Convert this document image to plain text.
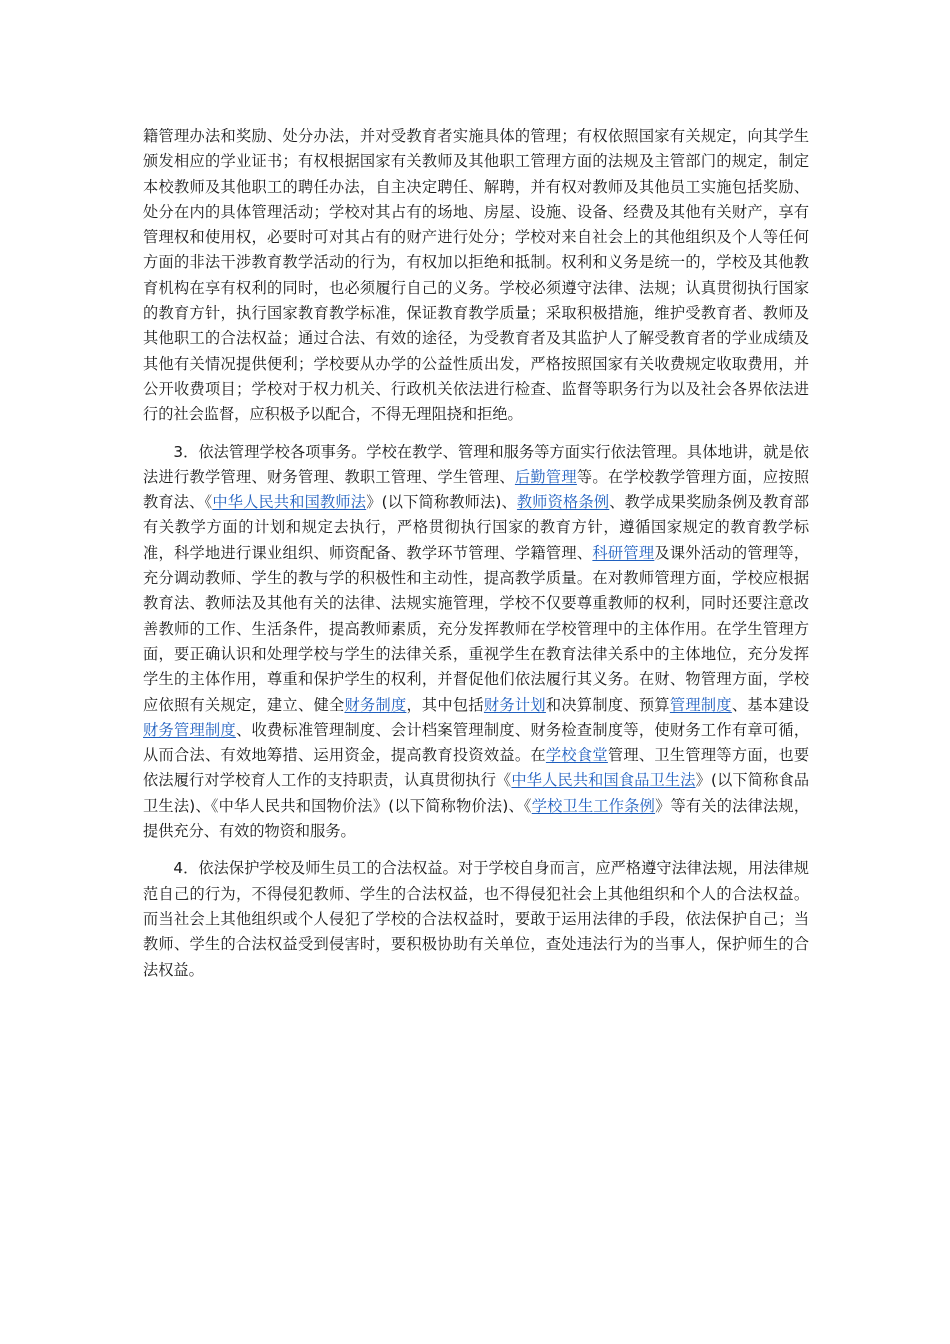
籍管理办法和奖励、处分办法，并对受教育者实施具体的管理；有权依照国家有关规定，向其学生颁发相应的学业证书；有权根据国家有关教师及其他职工管理方面的法规及主管部门的规定，制定本校教师及其他职工的聘任办法，自主决定聘任、解聘，并有权对教师及其他员工实施包括奖励、处分在内的具体管理活动；学校对其占有的场地、房屋、设施、设备、经费及其他有关财产，享有管理权和使用权，必要时可对其占有的财产进行处分；学校对来自社会上的其他组织及个人等任何方面的非法干涉教育教学活动的行为，有权加以拒绝和抵制。权利和义务是统一的，学校及其他教育机构在享有权利的同时，也必须履行自己的义务。学校必须遵守法律、法规；认真贯彻执行国家的教育方针，执行国家教育教学标准，保证教育教学质量；采取积极措施，维护受教育者、教师及其他职工的合法权益；通过合法、有效的途径，为受教育者及其监护人了解受教育者的学业成绩及其他有关情况提供便利；学校要从办学的公益性质出发，严格按照国家有关收费规定收取费用，并公开收费项目；学校对于权力机关、行政机关依法进行检查、监督等职务行为以及社会各界依法进行的社会监督，应积极予以配合，不得无理阻挠和拒绝。

3．依法管理学校各项事务。学校在教学、管理和服务等方面实行依法管理。具体地讲，就是依法进行教学管理、财务管理、教职工管理、学生管理、后勤管理等。在学校教学管理方面，应按照教育法、《中华人民共和国教师法》(以下简称教师法)、教师资格条例、教学成果奖励条例及教育部有关教学方面的计划和规定去执行，严格贯彻执行国家的教育方针，遵循国家规定的教育教学标准，科学地进行课业组织、师资配备、教学环节管理、学籍管理、科研管理及课外活动的管理等，充分调动教师、学生的教与学的积极性和主动性，提高教学质量。在对教师管理方面，学校应根据教育法、教师法及其他有关的法律、法规实施管理，学校不仅要尊重教师的权利，同时还要注意改善教师的工作、生活条件，提高教师素质，充分发挥教师在学校管理中的主体作用。在学生管理方面，要正确认识和处理学校与学生的法律关系，重视学生在教育法律关系中的主体地位，充分发挥学生的主体作用，尊重和保护学生的权利，并督促他们依法履行其义务。在财、物管理方面，学校应依照有关规定，建立、健全财务制度，其中包括财务计划和决算制度、预算管理制度、基本建设财务管理制度、收费标准管理制度、会计档案管理制度、财务检查制度等，使财务工作有章可循，从而合法、有效地筹措、运用资金，提高教育投资效益。在学校食堂管理、卫生管理等方面，也要依法履行对学校育人工作的支持职责，认真贯彻执行《中华人民共和国食品卫生法》(以下简称食品卫生法)、《中华人民共和国物价法》(以下简称物价法)、《学校卫生工作条例》等有关的法律法规，提供充分、有效的物资和服务。

4．依法保护学校及师生员工的合法权益。对于学校自身而言，应严格遵守法律法规，用法律规范自己的行为，不得侵犯教师、学生的合法权益，也不得侵犯社会上其他组织和个人的合法权益。而当社会上其他组织或个人侵犯了学校的合法权益时，要敢于运用法律的手段，依法保护自己；当教师、学生的合法权益受到侵害时，要积极协助有关单位，查处违法行为的当事人，保护师生的合法权益。
